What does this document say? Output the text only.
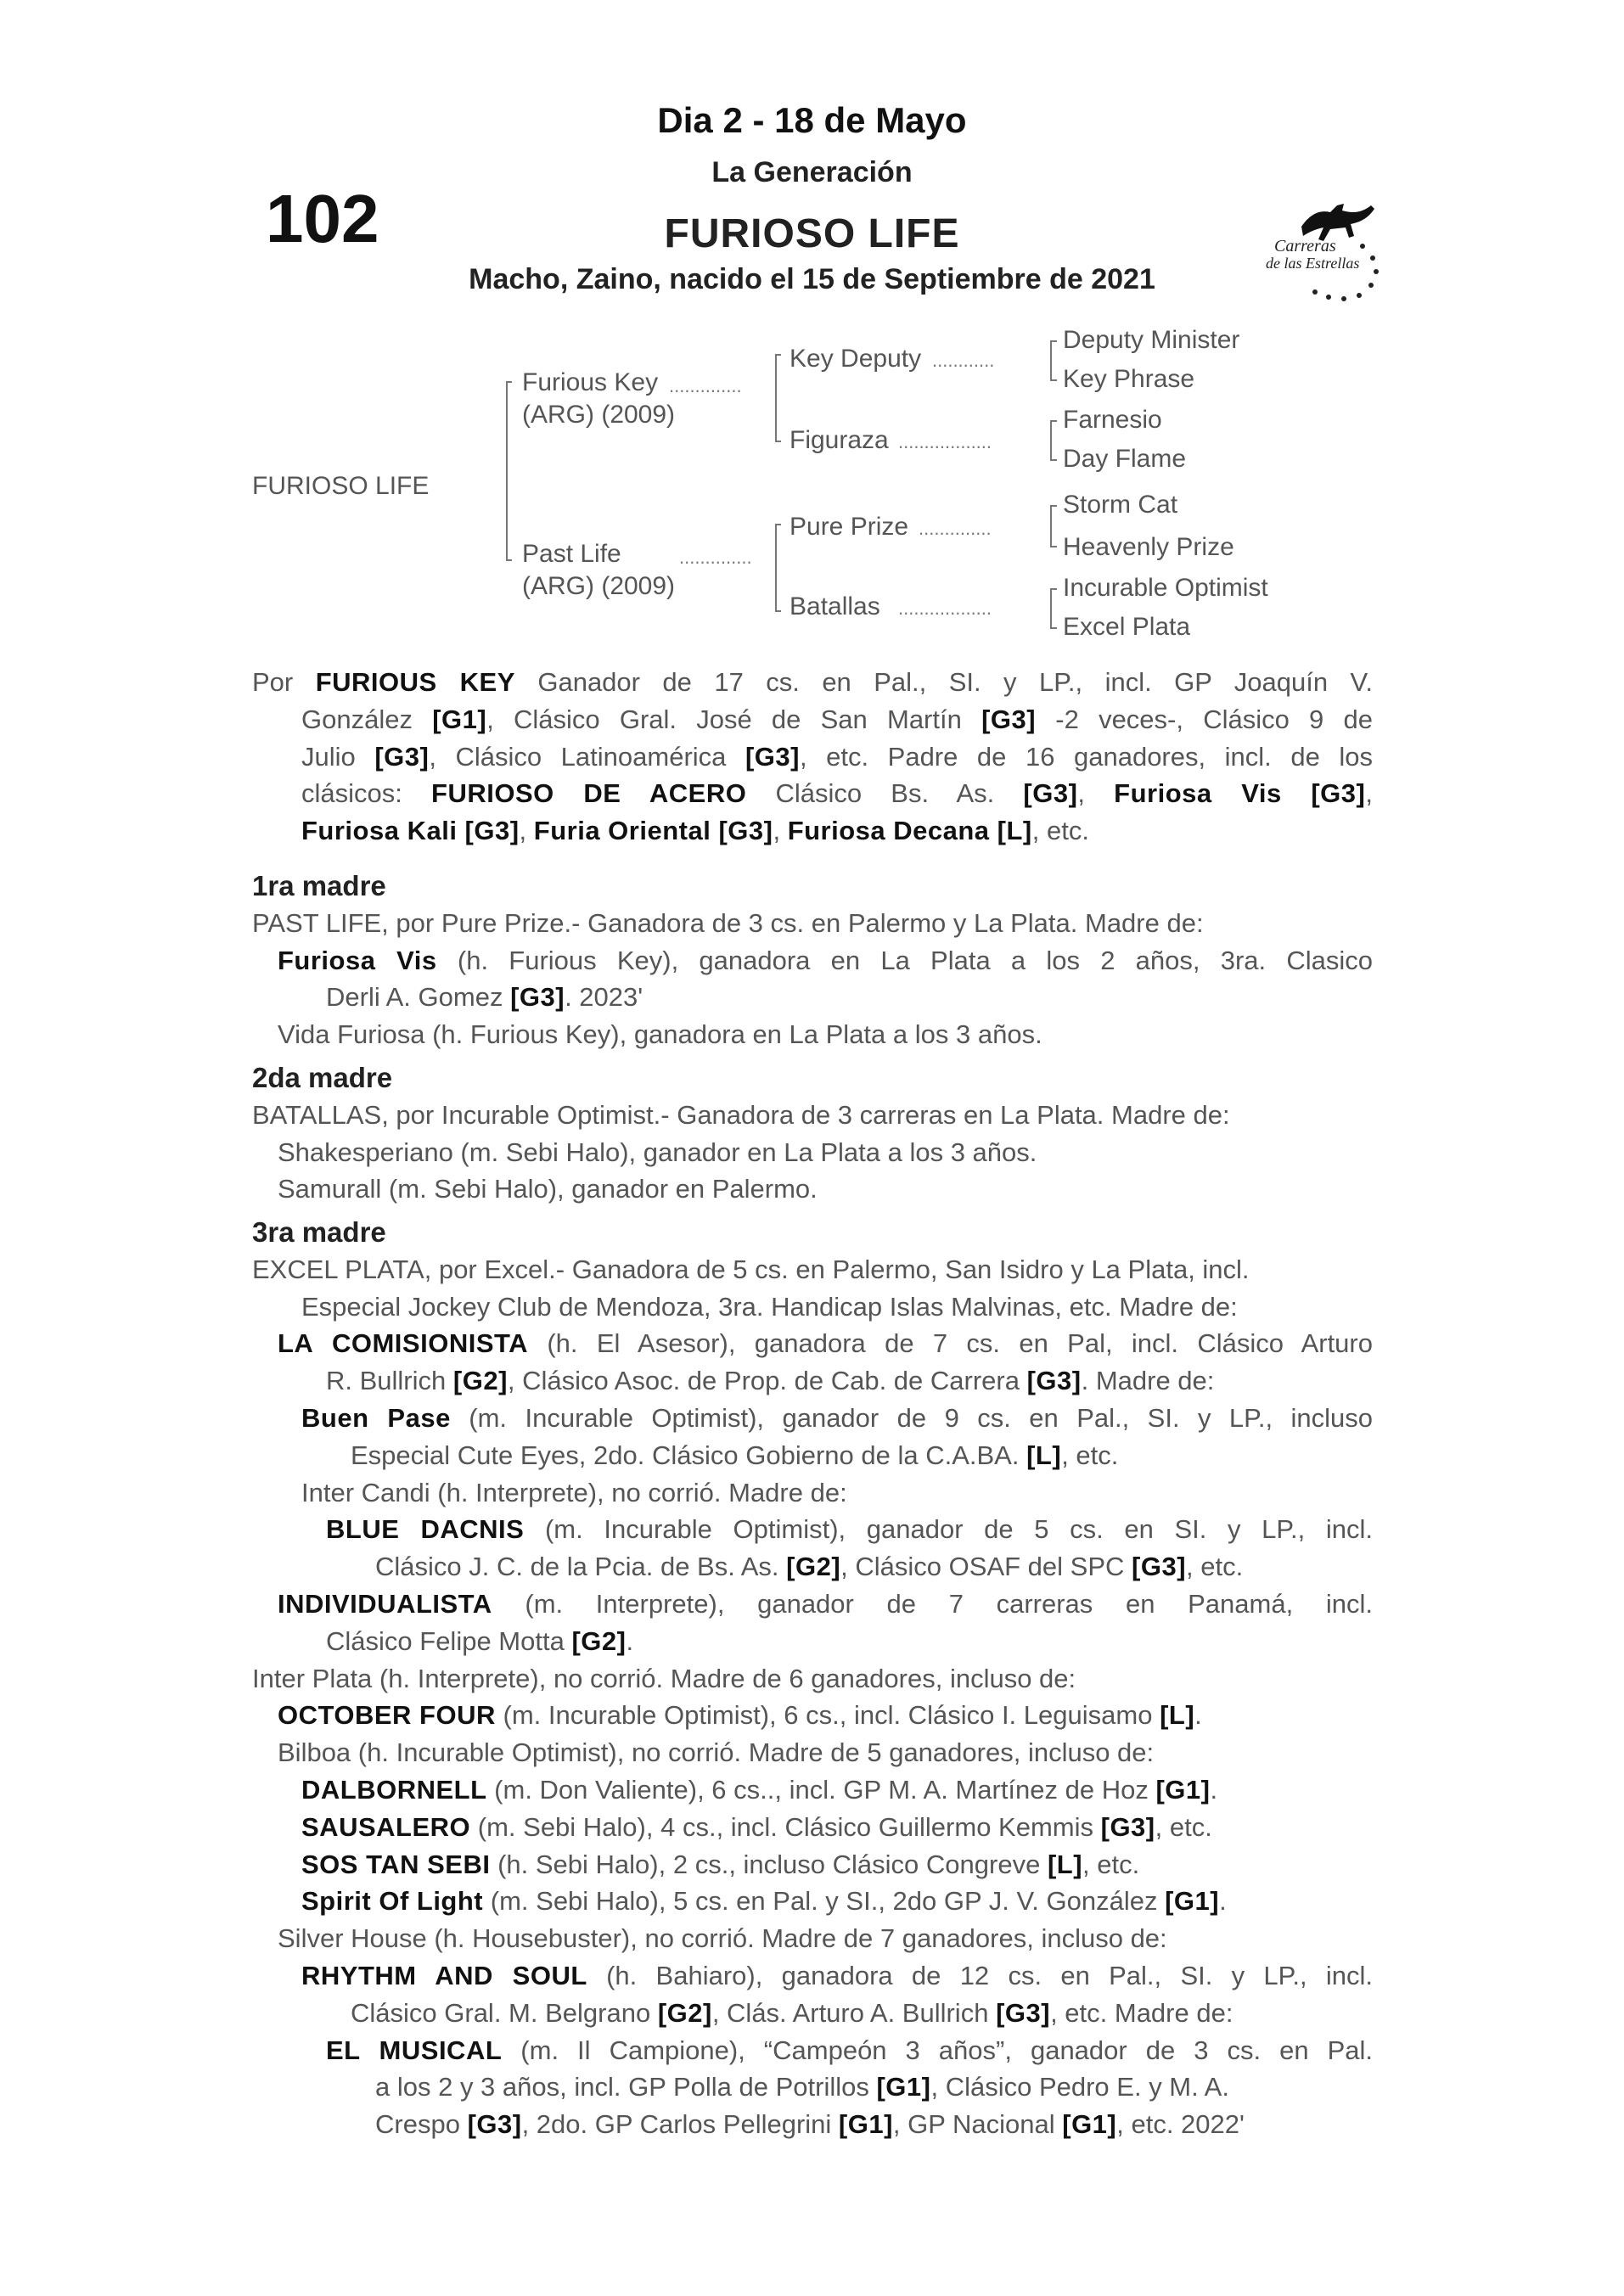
Dia 2 - 18 de Mayo
102
La Generación
FURIOSO LIFE
Macho, Zaino, nacido el 15 de Septiembre de 2021
Carreras
de las Estrellas
..............
..............
............
..................
..............
..................
FURIOSO LIFE
Furious Key
(ARG) (2009)
Past Life
(ARG) (2009)
Key Deputy
Figuraza
Pure Prize
Batallas
Deputy Minister
Key Phrase
Farnesio
Day Flame
Storm Cat
Heavenly Prize
Incurable Optimist
Excel Plata
Por FURIOUS KEY Ganador de 17 cs. en Pal., SI. y LP., incl. GP Joaquín V.
González [G1], Clásico Gral. José de San Martín [G3] -2 veces-, Clásico 9 de
Julio [G3], Clásico Latinoamérica [G3], etc. Padre de 16 ganadores, incl. de los
clásicos: FURIOSO DE ACERO Clásico Bs. As. [G3], Furiosa Vis [G3],
Furiosa Kali [G3], Furia Oriental [G3], Furiosa Decana [L], etc.
1ra madre
PAST LIFE, por Pure Prize.- Ganadora de 3 cs. en Palermo y La Plata. Madre de:
Furiosa Vis (h. Furious Key), ganadora en La Plata a los 2 años, 3ra. Clasico
Derli A. Gomez [G3]. 2023'
Vida Furiosa (h. Furious Key), ganadora en La Plata a los 3 años.
2da madre
BATALLAS, por Incurable Optimist.- Ganadora de 3 carreras en La Plata. Madre de:
Shakesperiano (m. Sebi Halo), ganador en La Plata a los 3 años.
Samurall (m. Sebi Halo), ganador en Palermo.
3ra madre
EXCEL PLATA, por Excel.- Ganadora de 5 cs. en Palermo, San Isidro y La Plata, incl.
Especial Jockey Club de Mendoza, 3ra. Handicap Islas Malvinas, etc. Madre de:
LA COMISIONISTA (h. El Asesor), ganadora de 7 cs. en Pal, incl. Clásico Arturo
R. Bullrich [G2], Clásico Asoc. de Prop. de Cab. de Carrera [G3]. Madre de:
Buen Pase (m. Incurable Optimist), ganador de 9 cs. en Pal., SI. y LP., incluso
Especial Cute Eyes, 2do. Clásico Gobierno de la C.A.BA. [L], etc.
Inter Candi (h. Interprete), no corrió. Madre de:
BLUE DACNIS (m. Incurable Optimist), ganador de 5 cs. en SI. y LP., incl.
Clásico J. C. de la Pcia. de Bs. As. [G2], Clásico OSAF del SPC [G3], etc.
INDIVIDUALISTA (m. Interprete), ganador de 7 carreras en Panamá, incl.
Clásico Felipe Motta [G2].
Inter Plata (h. Interprete), no corrió. Madre de 6 ganadores, incluso de:
OCTOBER FOUR (m. Incurable Optimist), 6 cs., incl. Clásico I. Leguisamo [L].
Bilboa (h. Incurable Optimist), no corrió. Madre de 5 ganadores, incluso de:
DALBORNELL (m. Don Valiente), 6 cs.., incl. GP M. A. Martínez de Hoz [G1].
SAUSALERO (m. Sebi Halo), 4 cs., incl. Clásico Guillermo Kemmis [G3], etc.
SOS TAN SEBI (h. Sebi Halo), 2 cs., incluso Clásico Congreve [L], etc.
Spirit Of Light (m. Sebi Halo), 5 cs. en Pal. y SI., 2do GP J. V. González [G1].
Silver House (h. Housebuster), no corrió. Madre de 7 ganadores, incluso de:
RHYTHM AND SOUL (h. Bahiaro), ganadora de 12 cs. en Pal., SI. y LP., incl.
Clásico Gral. M. Belgrano [G2], Clás. Arturo A. Bullrich [G3], etc. Madre de:
EL MUSICAL (m. Il Campione), “Campeón 3 años”, ganador de 3 cs. en Pal.
a los 2 y 3 años, incl. GP Polla de Potrillos [G1], Clásico Pedro E. y M. A.
Crespo [G3], 2do. GP Carlos Pellegrini [G1], GP Nacional [G1], etc. 2022'
